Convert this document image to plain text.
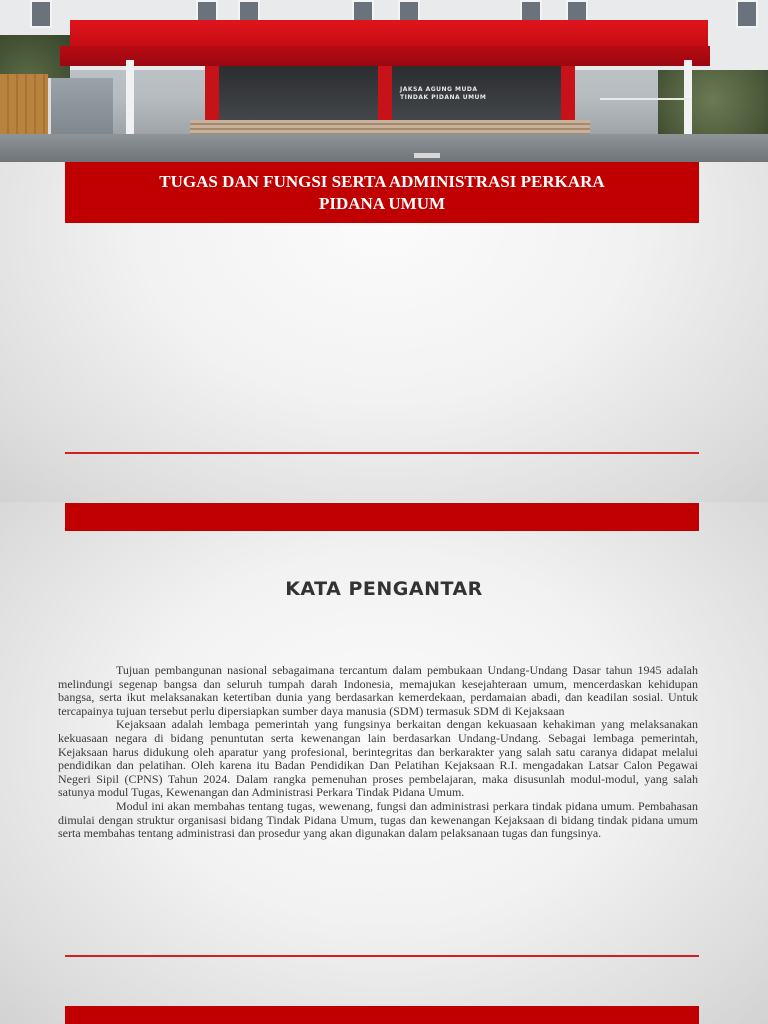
JAKSA AGUNG MUDA
TINDAK PIDANA UMUM
TUGAS DAN FUNGSI SERTA ADMINISTRASI PERKARA
PIDANA UMUM
KATA PENGANTAR

Tujuan pembangunan nasional sebagaimana tercantum dalam pembukaan Undang-Undang Dasar tahun 1945 adalah melindungi segenap bangsa dan seluruh tumpah darah Indonesia, memajukan kesejahteraan umum, mencerdaskan kehidupan bangsa, serta ikut melaksanakan ketertiban dunia yang berdasarkan kemerdekaan, perdamaian abadi, dan keadilan sosial. Untuk tercapainya tujuan tersebut perlu dipersiapkan sumber daya manusia (SDM) termasuk SDM di Kejaksaan

Kejaksaan adalah lembaga pemerintah yang fungsinya berkaitan dengan kekuasaan kehakiman yang melaksanakan kekuasaan negara di bidang penuntutan serta kewenangan lain berdasarkan Undang-Undang. Sebagai lembaga pemerintah, Kejaksaan harus didukung oleh aparatur yang profesional, berintegritas dan berkarakter yang salah satu caranya didapat melalui pendidikan dan pelatihan. Oleh karena itu Badan Pendidikan Dan Pelatihan Kejaksaan R.I. mengadakan Latsar Calon Pegawai Negeri Sipil (CPNS) Tahun 2024. Dalam rangka pemenuhan proses pembelajaran, maka disusunlah modul-modul, yang salah satunya modul Tugas, Kewenangan dan Administrasi Perkara Tindak Pidana Umum.

Modul ini akan membahas tentang tugas, wewenang, fungsi dan administrasi perkara tindak pidana umum. Pembahasan dimulai dengan struktur organisasi bidang Tindak Pidana Umum, tugas dan kewenangan Kejaksaan di bidang tindak pidana umum serta membahas tentang administrasi dan prosedur yang akan digunakan dalam pelaksanaan tugas dan fungsinya.
